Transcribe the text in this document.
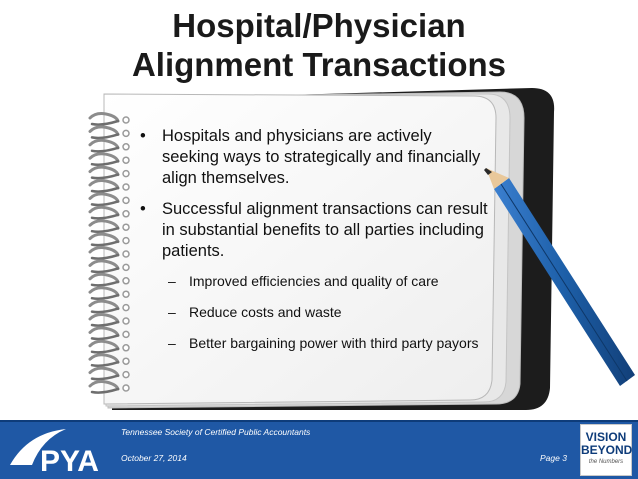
Hospital/Physician
Alignment Transactions
• Hospitals and physicians are actively seeking ways to strategically and financially align themselves.
• Successful alignment transactions can result in substantial benefits to all parties including patients.
– Improved efficiencies and quality of care
– Reduce costs and waste
– Better bargaining power with third party payors
PYA
Tennessee Society of Certified Public Accountants
October 27, 2014	Page 3
VISION
BEYOND
the Numbers
